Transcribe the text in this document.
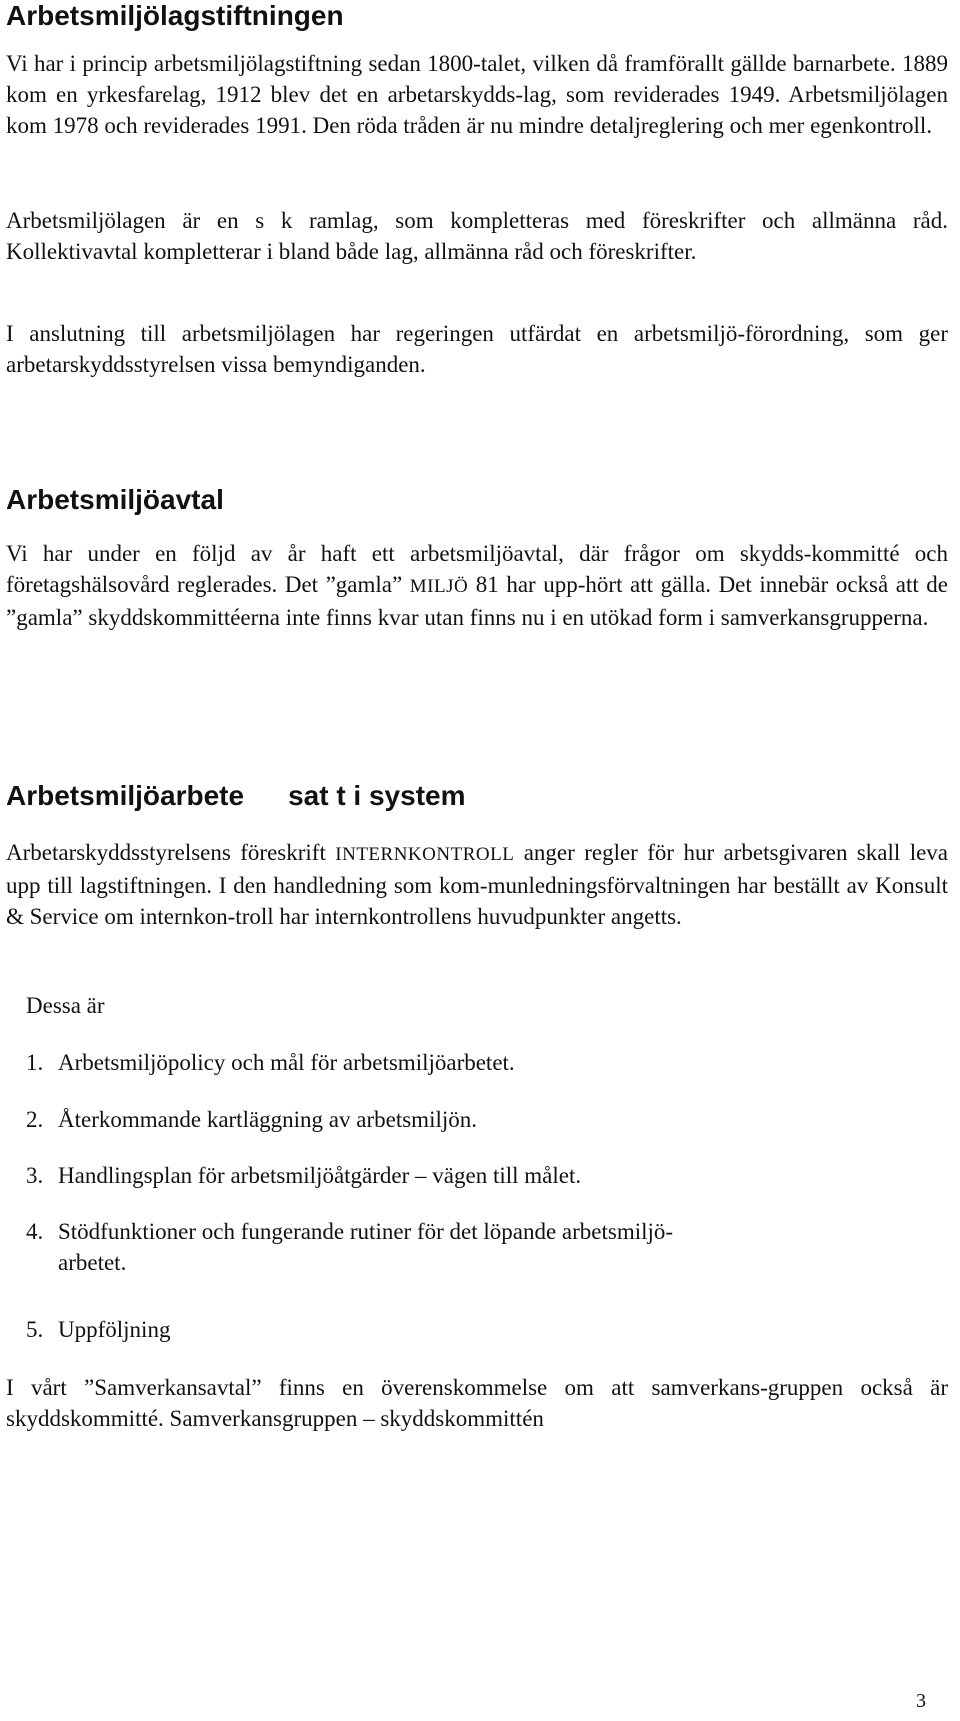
Arbetsmiljölagstiftningen

Vi har i princip arbetsmiljölagstiftning sedan 1800-talet, vilken då framförallt gällde barnarbete. 1889 kom en yrkesfarelag, 1912 blev det en arbetarskydds-lag, som reviderades 1949. Arbetsmiljölagen kom 1978 och reviderades 1991. Den röda tråden är nu mindre detaljreglering och mer egenkontroll.

Arbetsmiljölagen är en s k ramlag, som kompletteras med föreskrifter och allmänna råd. Kollektivavtal kompletterar i bland både lag, allmänna råd och föreskrifter.

I anslutning till arbetsmiljölagen har regeringen utfärdat en arbetsmiljö-förordning, som ger arbetarskyddsstyrelsen vissa bemyndiganden.

Arbetsmiljöavtal

Vi har under en följd av år haft ett arbetsmiljöavtal, där frågor om skydds-kommitté och företagshälsovård reglerades. Det ”gamla” MILJÖ 81 har upp-hört att gälla. Det innebär också att de ”gamla” skyddskommittéerna inte finns kvar utan finns nu i en utökad form i samverkansgrupperna.

Arbetsmiljöarbete sat t i system

Arbetarskyddsstyrelsens föreskrift INTERNKONTROLL anger regler för hur arbetsgivaren skall leva upp till lagstiftningen. I den handledning som kom-munledningsförvaltningen har beställt av Konsult & Service om internkon-troll har internkontrollens huvudpunkter angetts.

Dessa är

1. Arbetsmiljöpolicy och mål för arbetsmiljöarbetet.

2. Återkommande kartläggning av arbetsmiljön.

3. Handlingsplan för arbetsmiljöåtgärder – vägen till målet.

4. Stödfunktioner och fungerande rutiner för det löpande arbetsmiljö-
arbetet.

5. Uppföljning

I vårt ”Samverkansavtal” finns en överenskommelse om att samverkans-gruppen också är skyddskommitté. Samverkansgruppen – skyddskommittén

3
